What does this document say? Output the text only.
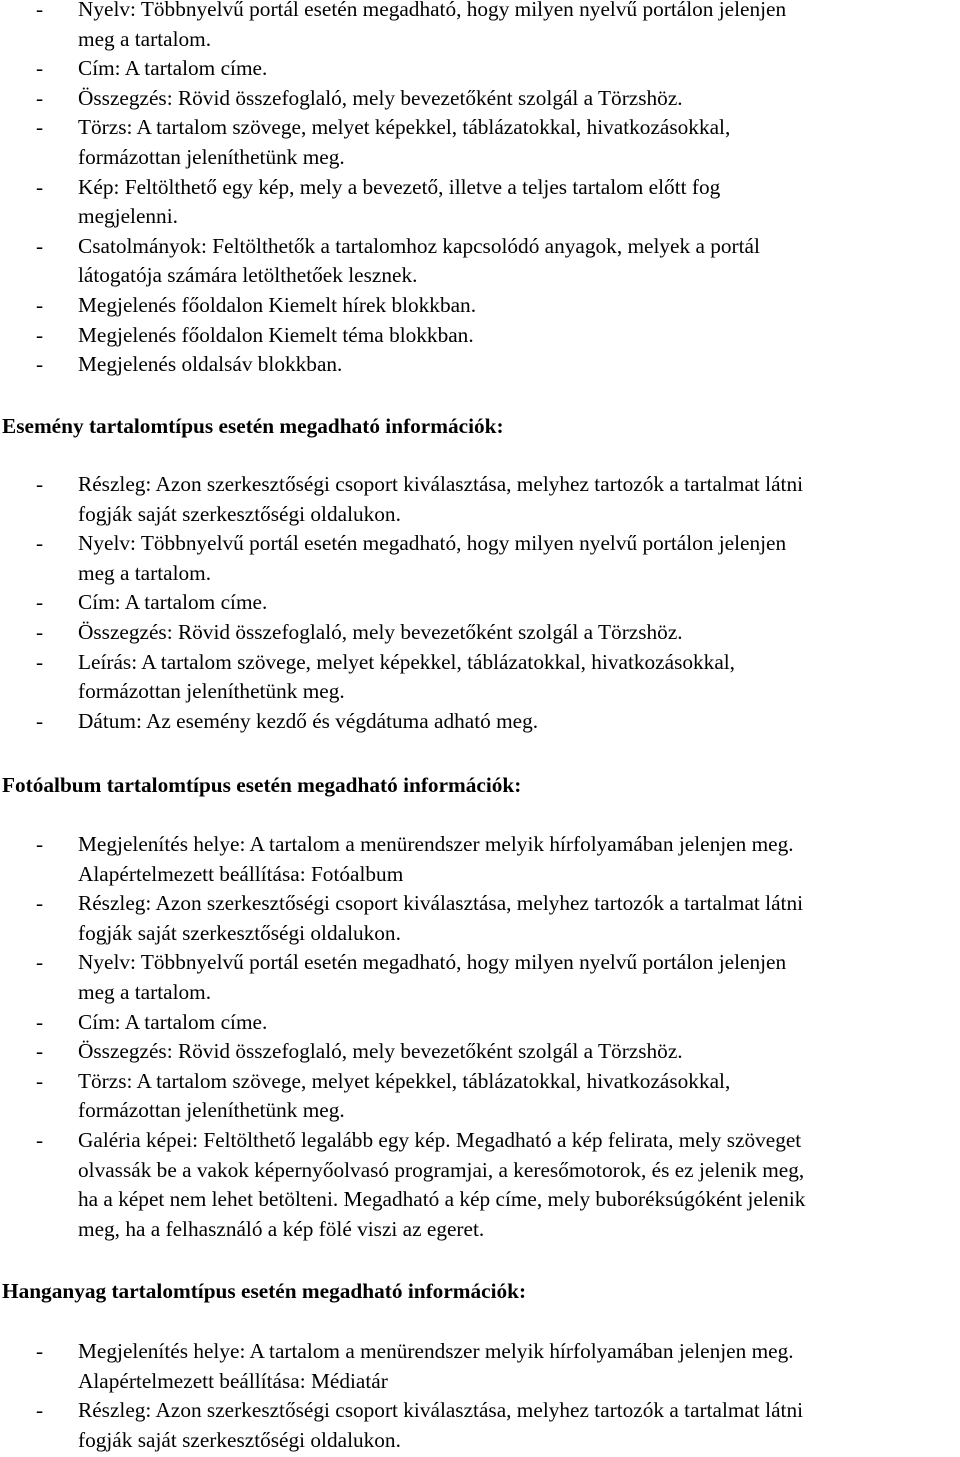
- Nyelv: Többnyelvű portál esetén megadható, hogy milyen nyelvű portálon jelenjen
meg a tartalom.
- Cím: A tartalom címe.
- Összegzés: Rövid összefoglaló, mely bevezetőként szolgál a Törzshöz.
- Törzs: A tartalom szövege, melyet képekkel, táblázatokkal, hivatkozásokkal,
formázottan jeleníthetünk meg.
- Kép: Feltölthető egy kép, mely a bevezető, illetve a teljes tartalom előtt fog
megjelenni.
- Csatolmányok: Feltölthetők a tartalomhoz kapcsolódó anyagok, melyek a portál
látogatója számára letölthetőek lesznek.
- Megjelenés főoldalon Kiemelt hírek blokkban.
- Megjelenés főoldalon Kiemelt téma blokkban.
- Megjelenés oldalsáv blokkban.
Esemény tartalomtípus esetén megadható információk:
- Részleg: Azon szerkesztőségi csoport kiválasztása, melyhez tartozók a tartalmat látni
fogják saját szerkesztőségi oldalukon.
- Nyelv: Többnyelvű portál esetén megadható, hogy milyen nyelvű portálon jelenjen
meg a tartalom.
- Cím: A tartalom címe.
- Összegzés: Rövid összefoglaló, mely bevezetőként szolgál a Törzshöz.
- Leírás: A tartalom szövege, melyet képekkel, táblázatokkal, hivatkozásokkal,
formázottan jeleníthetünk meg.
- Dátum: Az esemény kezdő és végdátuma adható meg.
Fotóalbum tartalomtípus esetén megadható információk:
- Megjelenítés helye: A tartalom a menürendszer melyik hírfolyamában jelenjen meg.
Alapértelmezett beállítása: Fotóalbum
- Részleg: Azon szerkesztőségi csoport kiválasztása, melyhez tartozók a tartalmat látni
fogják saját szerkesztőségi oldalukon.
- Nyelv: Többnyelvű portál esetén megadható, hogy milyen nyelvű portálon jelenjen
meg a tartalom.
- Cím: A tartalom címe.
- Összegzés: Rövid összefoglaló, mely bevezetőként szolgál a Törzshöz.
- Törzs: A tartalom szövege, melyet képekkel, táblázatokkal, hivatkozásokkal,
formázottan jeleníthetünk meg.
- Galéria képei: Feltölthető legalább egy kép. Megadható a kép felirata, mely szöveget
olvassák be a vakok képernyőolvasó programjai, a keresőmotorok, és ez jelenik meg,
ha a képet nem lehet betölteni. Megadható a kép címe, mely buboréksúgóként jelenik
meg, ha a felhasználó a kép fölé viszi az egeret.
Hanganyag tartalomtípus esetén megadható információk:
- Megjelenítés helye: A tartalom a menürendszer melyik hírfolyamában jelenjen meg.
Alapértelmezett beállítása: Médiatár
- Részleg: Azon szerkesztőségi csoport kiválasztása, melyhez tartozók a tartalmat látni
fogják saját szerkesztőségi oldalukon.
